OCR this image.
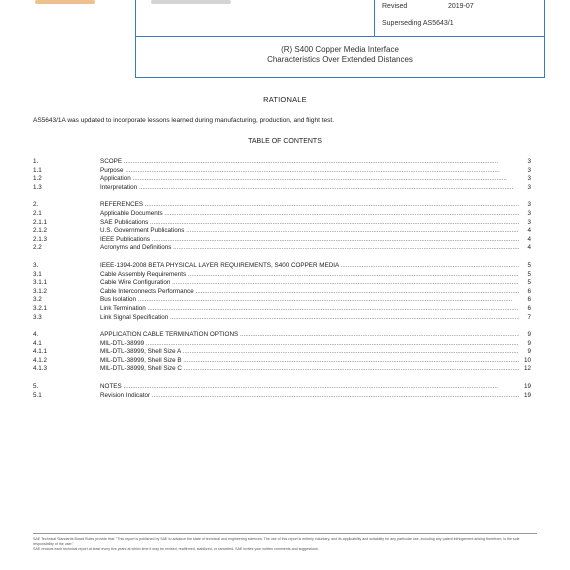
Revised	2019-07
Superseding AS5643/1
(R) S400 Copper Media Interface
Characteristics Over Extended Distances
RATIONALE
AS5643/1A was updated to incorporate lessons learned during manufacturing, production, and flight test.
TABLE OF CONTENTS
1.	SCOPE .....	3
1.1	Purpose .....	3
1.2	Application .....	3
1.3	Interpretation .....	3
2.	REFERENCES .....	3
2.1	Applicable Documents .....	3
2.1.1	SAE Publications .....	3
2.1.2	U.S. Government Publications .....	4
2.1.3	IEEE Publications .....	4
2.2	Acronyms and Definitions .....	4
3.	IEEE-1394-2008 BETA PHYSICAL LAYER REQUIREMENTS, S400 COPPER MEDIA .....	5
3.1	Cable Assembly Requirements .....	5
3.1.1	Cable Wire Configuration .....	5
3.1.2	Cable Interconnects Performance .....	6
3.2	Bus Isolation .....	6
3.2.1	Link Termination .....	6
3.3	Link Signal Specification .....	7
4.	APPLICATION CABLE TERMINATION OPTIONS .....	9
4.1	MIL-DTL-38999 .....	9
4.1.1	MIL-DTL-38999, Shell Size A .....	9
4.1.2	MIL-DTL-38999, Shell Size B .....	10
4.1.3	MIL-DTL-38999, Shell Size C .....	12
5.	NOTES .....	19
5.1	Revision Indicator .....	19

SAE Technical Standards Board Rules provide that: "This report is published by SAE to advance the state of technical and engineering sciences. The use of this report is entirely voluntary, and its applicability and suitability for any particular use, including any patent infringement arising therefrom, is the sole responsibility of the user."

SAE reviews each technical report at least every five years at which time it may be revised, reaffirmed, stabilized, or cancelled. SAE invites your written comments and suggestions.
